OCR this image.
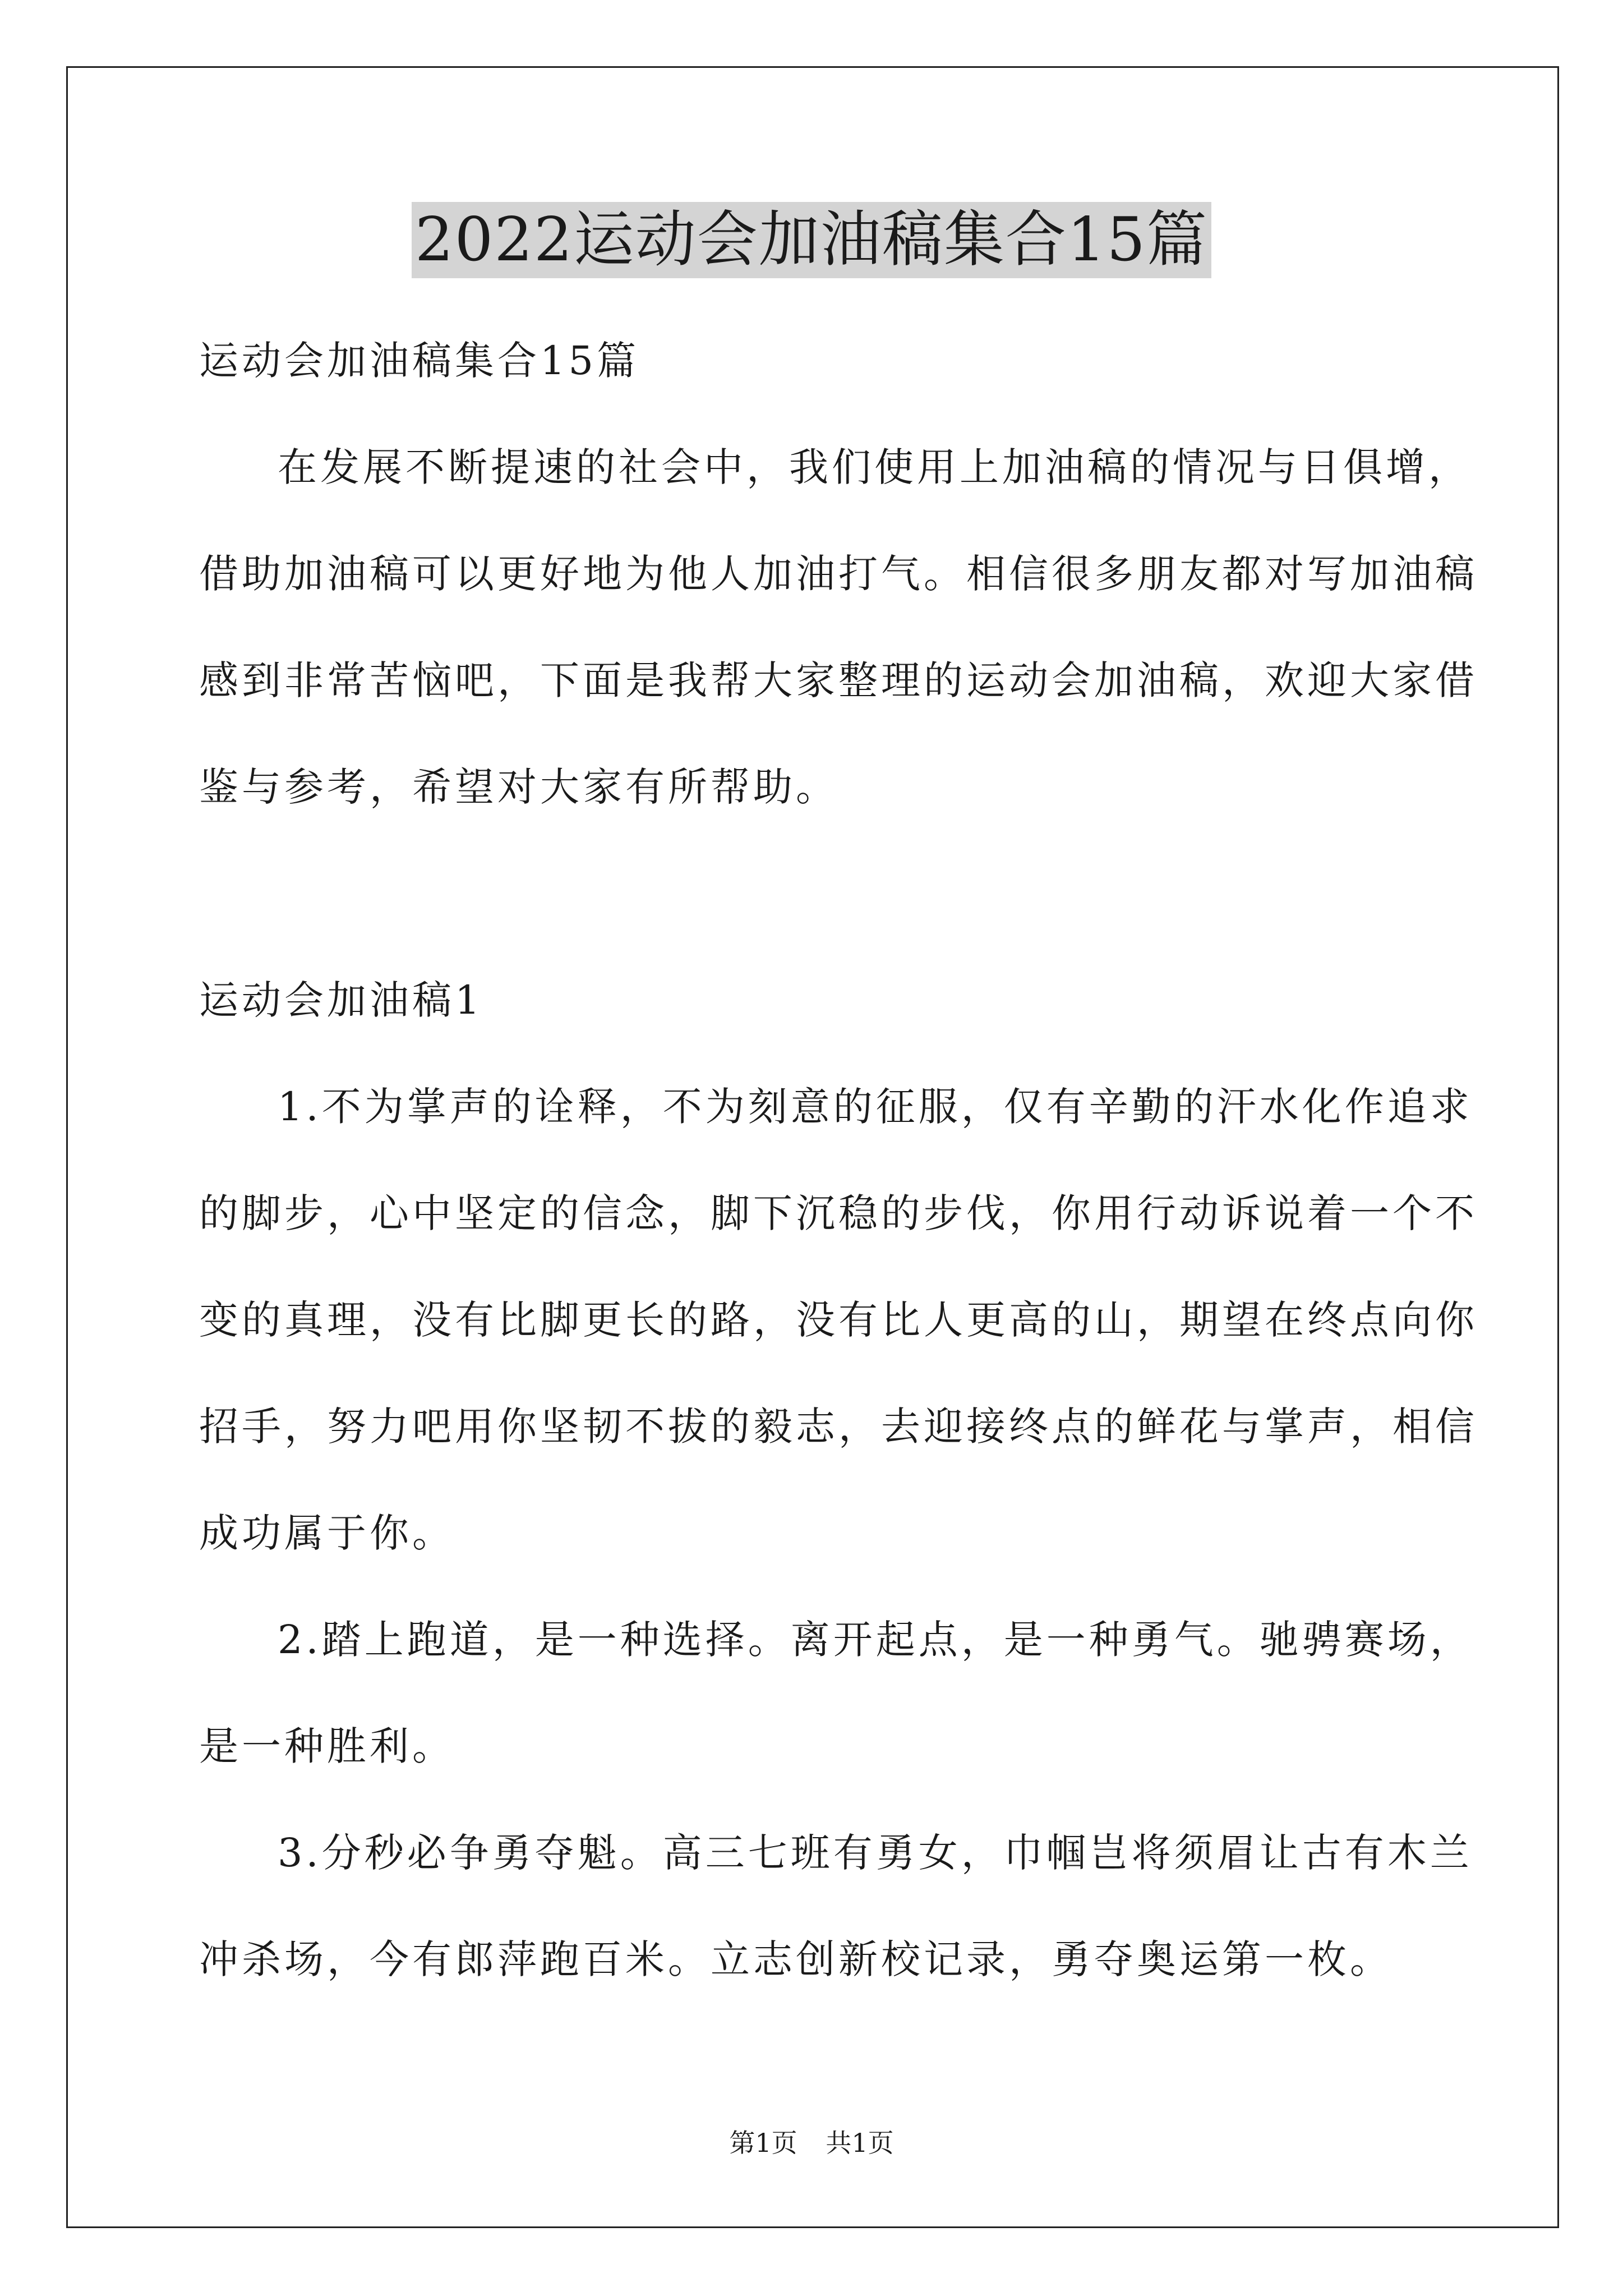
2022运动会加油稿集合15篇
运动会加油稿集合15篇
在发展不断提速的社会中，我们使用上加油稿的情况与日俱增，
借助加油稿可以更好地为他人加油打气。相信很多朋友都对写加油稿
感到非常苦恼吧，下面是我帮大家整理的运动会加油稿，欢迎大家借
鉴与参考，希望对大家有所帮助。
运动会加油稿1
1.不为掌声的诠释，不为刻意的征服，仅有辛勤的汗水化作追求
的脚步，心中坚定的信念，脚下沉稳的步伐，你用行动诉说着一个不
变的真理，没有比脚更长的路，没有比人更高的山，期望在终点向你
招手，努力吧用你坚韧不拔的毅志，去迎接终点的鲜花与掌声，相信
成功属于你。
2.踏上跑道，是一种选择。离开起点，是一种勇气。驰骋赛场，
是一种胜利。
3.分秒必争勇夺魁。高三七班有勇女，巾帼岂将须眉让古有木兰
冲杀场，今有郎萍跑百米。立志创新校记录，勇夺奥运第一枚。
第1页 共1页
